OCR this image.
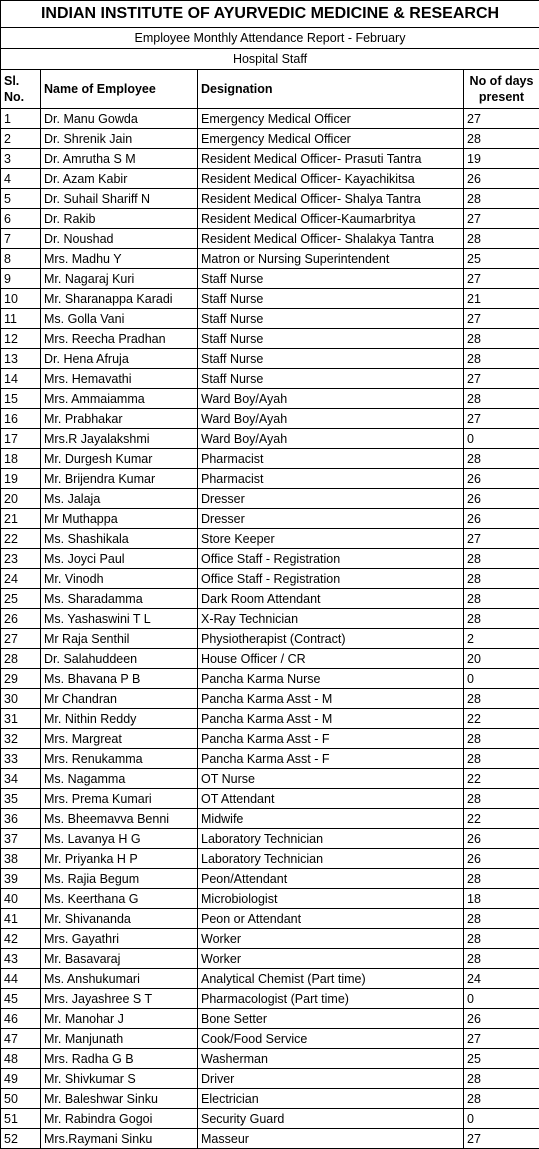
INDIAN INSTITUTE OF AYURVEDIC MEDICINE & RESEARCH			
Employee Monthly Attendance Report - February			
Hospital Staff			
Sl. No.	Name of Employee	Designation	No of days present
1	Dr. Manu Gowda	Emergency Medical Officer	27
2	Dr. Shrenik Jain	Emergency Medical Officer	28
3	Dr. Amrutha S M	Resident Medical Officer- Prasuti Tantra	19
4	Dr. Azam Kabir	Resident Medical Officer- Kayachikitsa	26
5	Dr. Suhail Shariff N	Resident Medical Officer- Shalya Tantra	28
6	Dr. Rakib	Resident Medical Officer-Kaumarbritya	27
7	Dr. Noushad	Resident Medical Officer- Shalakya Tantra	28
8	Mrs. Madhu Y	Matron or Nursing Superintendent	25
9	Mr. Nagaraj Kuri	Staff Nurse	27
10	Mr. Sharanappa Karadi	Staff Nurse	21
11	Ms. Golla Vani	Staff Nurse	27
12	Mrs. Reecha Pradhan	Staff Nurse	28
13	Dr. Hena Afruja	Staff Nurse	28
14	Mrs. Hemavathi	Staff Nurse	27
15	Mrs. Ammaiamma	Ward Boy/Ayah	28
16	Mr. Prabhakar	Ward Boy/Ayah	27
17	Mrs.R Jayalakshmi	Ward Boy/Ayah	0
18	Mr. Durgesh Kumar	Pharmacist	28
19	Mr. Brijendra Kumar	Pharmacist	26
20	Ms. Jalaja	Dresser	26
21	Mr Muthappa	Dresser	26
22	Ms. Shashikala	Store Keeper	27
23	Ms. Joyci Paul	Office Staff - Registration	28
24	Mr. Vinodh	Office Staff - Registration	28
25	Ms. Sharadamma	Dark Room Attendant	28
26	Ms. Yashaswini T L	X-Ray Technician	28
27	Mr Raja Senthil	Physiotherapist (Contract)	2
28	Dr. Salahuddeen	House Officer / CR	20
29	Ms. Bhavana P B	Pancha Karma Nurse	0
30	Mr Chandran	Pancha Karma Asst - M	28
31	Mr. Nithin Reddy	Pancha Karma Asst - M	22
32	Mrs. Margreat	Pancha Karma Asst - F	28
33	Mrs. Renukamma	Pancha Karma Asst - F	28
34	Ms. Nagamma	OT Nurse	22
35	Mrs. Prema Kumari	OT Attendant	28
36	Ms. Bheemavva Benni	Midwife	22
37	Ms. Lavanya H G	Laboratory Technician	26
38	Mr. Priyanka H P	Laboratory Technician	26
39	Ms. Rajia Begum	Peon/Attendant	28
40	Ms. Keerthana G	Microbiologist	18
41	Mr. Shivananda	Peon or Attendant	28
42	Mrs. Gayathri	Worker	28
43	Mr. Basavaraj	Worker	28
44	Ms. Anshukumari	Analytical Chemist (Part time)	24
45	Mrs. Jayashree S T	Pharmacologist (Part time)	0
46	Mr. Manohar J	Bone Setter	26
47	Mr. Manjunath	Cook/Food Service	27
48	Mrs. Radha G B	Washerman	25
49	Mr. Shivkumar S	Driver	28
50	Mr. Baleshwar Sinku	Electrician	28
51	Mr. Rabindra Gogoi	Security Guard	0
52	Mrs.Raymani Sinku	Masseur	27
